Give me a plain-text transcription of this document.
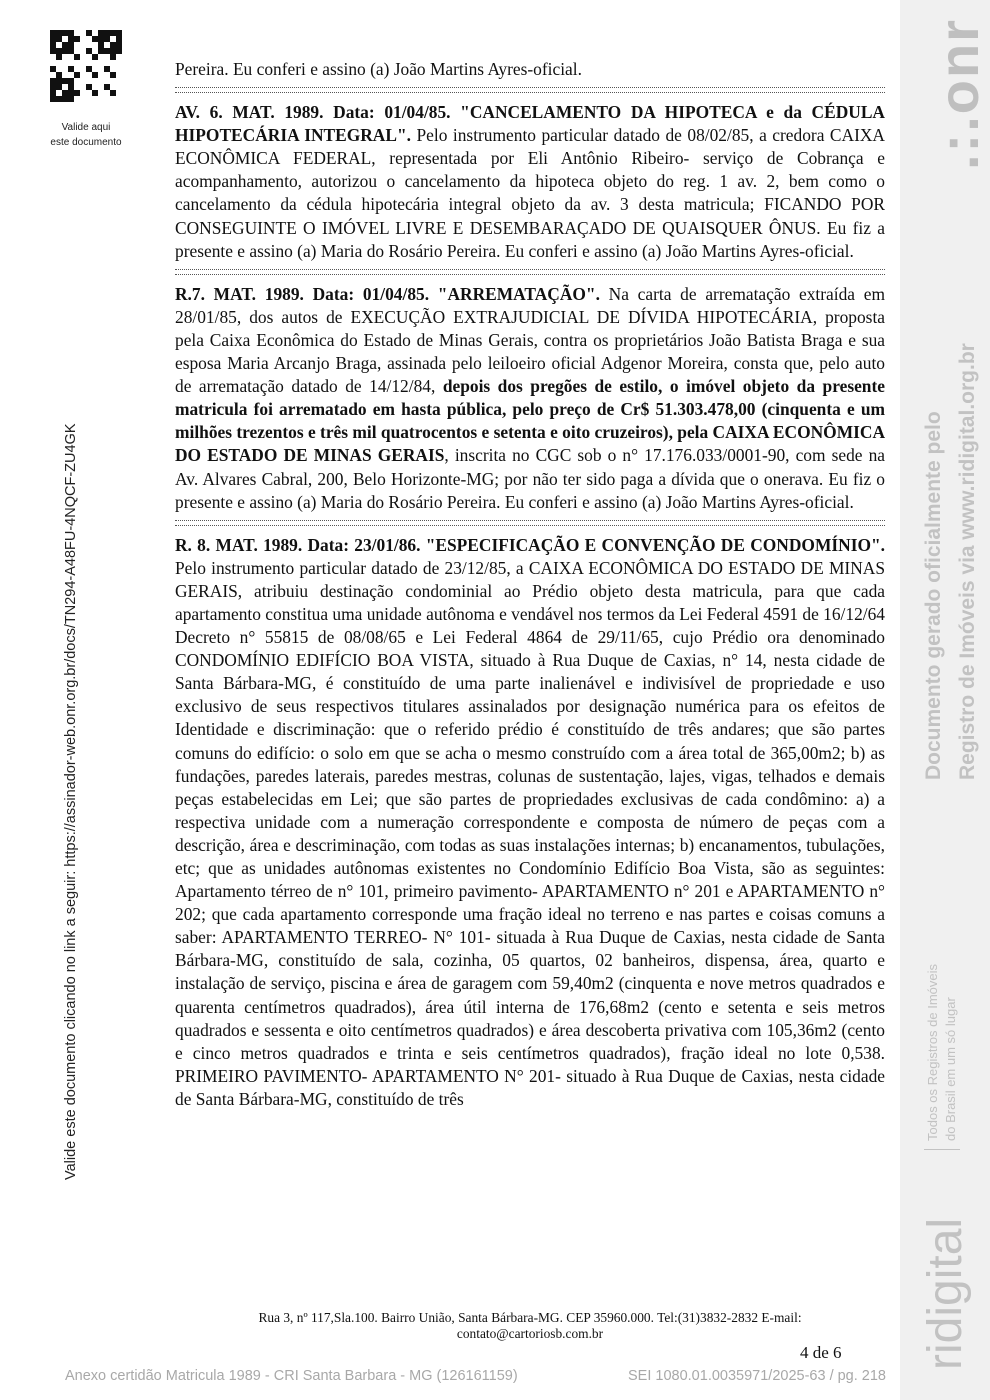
Valide aqui
este documento
Valide este documento clicando no link a seguir: https://assinador-web.onr.org.br/docs/TN294-A48FU-4NQCF-ZU4GK
.:.onr
Documento gerado oficialmente pelo Registro de Imóveis via www.ridigital.org.br
Todos os Registros de Imóveis do Brasil em um só lugar
ridigital

Pereira. Eu conferi e assino (a) João Martins Ayres-oficial.

AV. 6. MAT. 1989. Data: 01/04/85. "CANCELAMENTO DA HIPOTECA e da CÉDULA HIPOTECÁRIA INTEGRAL". Pelo instrumento particular datado de 08/02/85, a credora CAIXA ECONÔMICA FEDERAL, representada por Eli Antônio Ribeiro- serviço de Cobrança e acompanhamento, autorizou o cancelamento da hipoteca objeto do reg. 1 av. 2, bem como o cancelamento da cédula hipotecária integral objeto da av. 3 desta matricula; FICANDO POR CONSEGUINTE O IMÓVEL LIVRE E DESEMBARAÇADO DE QUAISQUER ÔNUS. Eu fiz a presente e assino (a) Maria do Rosário Pereira. Eu conferi e assino (a) João Martins Ayres-oficial.

R.7. MAT. 1989. Data: 01/04/85. "ARREMATAÇÃO". Na carta de arrematação extraída em 28/01/85, dos autos de EXECUÇÃO EXTRAJUDICIAL DE DÍVIDA HIPOTECÁRIA, proposta pela Caixa Econômica do Estado de Minas Gerais, contra os proprietários João Batista Braga e sua esposa Maria Arcanjo Braga, assinada pelo leiloeiro oficial Adgenor Moreira, consta que, pelo auto de arrematação datado de 14/12/84, depois dos pregões de estilo, o imóvel objeto da presente matricula foi arrematado em hasta pública, pelo preço de Cr$ 51.303.478,00 (cinquenta e um milhões trezentos e três mil quatrocentos e setenta e oito cruzeiros), pela CAIXA ECONÔMICA DO ESTADO DE MINAS GERAIS, inscrita no CGC sob o n° 17.176.033/0001-90, com sede na Av. Alvares Cabral, 200, Belo Horizonte-MG; por não ter sido paga a dívida que o onerava. Eu fiz o presente e assino (a) Maria do Rosário Pereira. Eu conferi e assino (a) João Martins Ayres-oficial.

R. 8. MAT. 1989. Data: 23/01/86. "ESPECIFICAÇÃO E CONVENÇÃO DE CONDOMÍNIO". Pelo instrumento particular datado de 23/12/85, a CAIXA ECONÔMICA DO ESTADO DE MINAS GERAIS, atribuiu destinação condominial ao Prédio objeto desta matricula, para que cada apartamento constitua uma unidade autônoma e vendável nos termos da Lei Federal 4591 de 16/12/64 Decreto n° 55815 de 08/08/65 e Lei Federal 4864 de 29/11/65, cujo Prédio ora denominado CONDOMÍNIO EDIFÍCIO BOA VISTA, situado à Rua Duque de Caxias, n° 14, nesta cidade de Santa Bárbara-MG, é constituído de uma parte inalienável e indivisível de propriedade e uso exclusivo de seus respectivos titulares assinalados por designação numérica para os efeitos de Identidade e discriminação: que o referido prédio é constituído de três andares; que são partes comuns do edifício: o solo em que se acha o mesmo construído com a área total de 365,00m2; b) as fundações, paredes laterais, paredes mestras, colunas de sustentação, lajes, vigas, telhados e demais peças estabelecidas em Lei; que são partes de propriedades exclusivas de cada condômino: a) a respectiva unidade com a numeração correspondente e composta de número de peças com a descrição, área e descriminação, com todas as suas instalações internas; b) encanamentos, tubulações, etc; que as unidades autônomas existentes no Condomínio Edifício Boa Vista, são as seguintes: Apartamento térreo de n° 101, primeiro pavimento- APARTAMENTO n° 201 e APARTAMENTO n° 202; que cada apartamento corresponde uma fração ideal no terreno e nas partes e coisas comuns a saber: APARTAMENTO TERREO- N° 101- situada à Rua Duque de Caxias, nesta cidade de Santa Bárbara-MG, constituído de sala, cozinha, 05 quartos, 02 banheiros, dispensa, área, quarto e instalação de serviço, piscina e área de garagem com 59,40m2 (cinquenta e nove metros quadrados e quarenta centímetros quadrados), área útil interna de 176,68m2 (cento e setenta e seis metros quadrados e sessenta e oito centímetros quadrados) e área descoberta privativa com 105,36m2 (cento e cinco metros quadrados e trinta e seis centímetros quadrados), fração ideal no lote 0,538. PRIMEIRO PAVIMENTO- APARTAMENTO N° 201- situado à Rua Duque de Caxias, nesta cidade de Santa Bárbara-MG, constituído de três

Rua 3, nº 117,Sla.100. Bairro União, Santa Bárbara-MG. CEP 35960.000. Tel:(31)3832-2832 E-mail:
contato@cartoriosb.com.br
4 de 6
Anexo certidão Matricula 1989 - CRI Santa Barbara - MG (126161159)	SEI 1080.01.0035971/2025-63 / pg. 218
